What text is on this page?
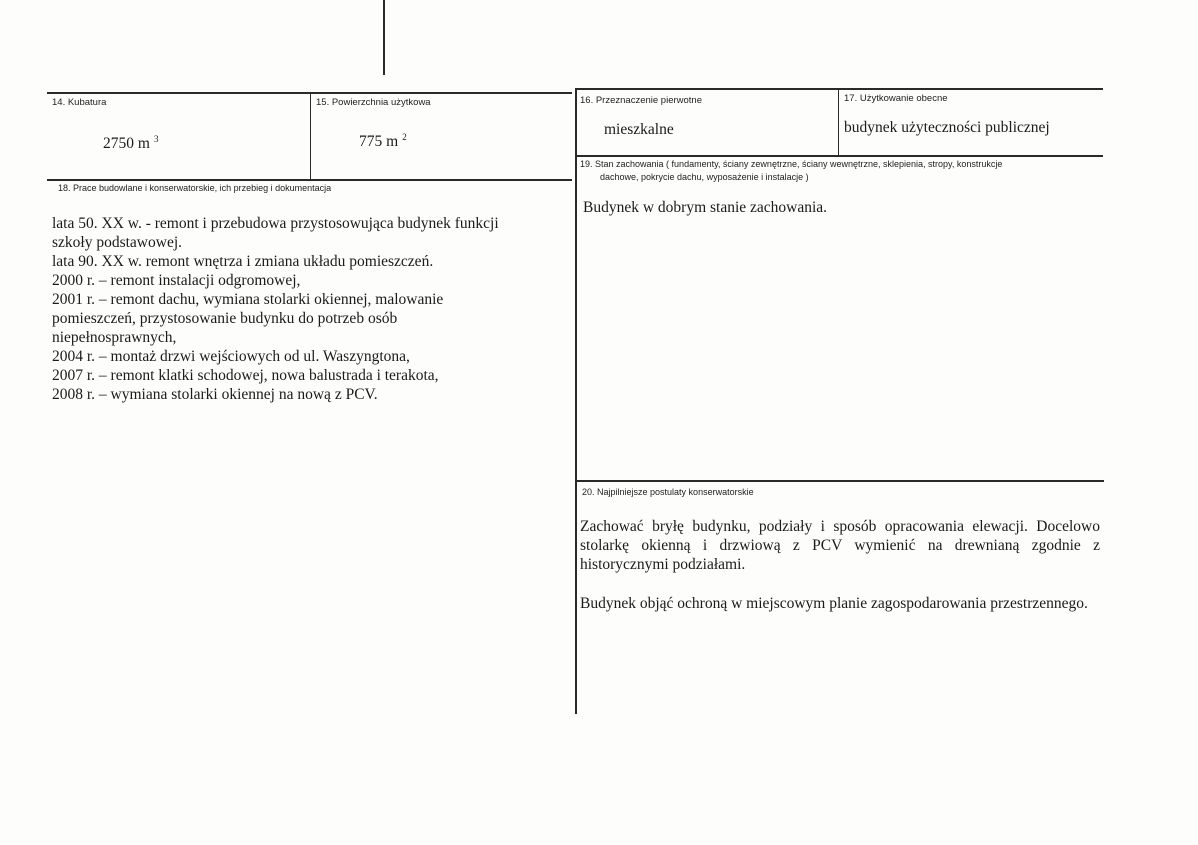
14. Kubatura
2750 m $^3$
15. Powierzchnia użytkowa
775 m $^2$
16. Przeznaczenie pierwotne
mieszkalne
17. Użytkowanie obecne
budynek użyteczności publicznej
18. Prace budowlane i konserwatorskie, ich przebieg i dokumentacja
lata 50. XX w. - remont i przebudowa przystosowująca budynek funkcji
szkoły podstawowej.
lata 90. XX w. remont wnętrza i zmiana układu pomieszczeń.
2000 r. – remont instalacji odgromowej,
2001 r. – remont dachu, wymiana stolarki okiennej, malowanie
pomieszczeń, przystosowanie budynku do potrzeb osób
niepełnosprawnych,
2004 r. – montaż drzwi wejściowych od ul. Waszyngtona,
2007 r. – remont klatki schodowej, nowa balustrada i terakota,
2008 r. – wymiana stolarki okiennej na nową z PCV.
19. Stan zachowania ( fundamenty, ściany zewnętrzne, ściany wewnętrzne, sklepienia, stropy, konstrukcje
dachowe, pokrycie dachu, wyposażenie i instalacje )
Budynek w dobrym stanie zachowania.
20. Najpilniejsze postulaty konserwatorskie
Zachować bryłę budynku, podziały i sposób opracowania elewacji. Docelowo stolarkę okienną i drzwiową z PCV wymienić na drewnianą zgodnie z historycznymi podziałami.
Budynek objąć ochroną w miejscowym planie zagospodarowania przestrzennego.
